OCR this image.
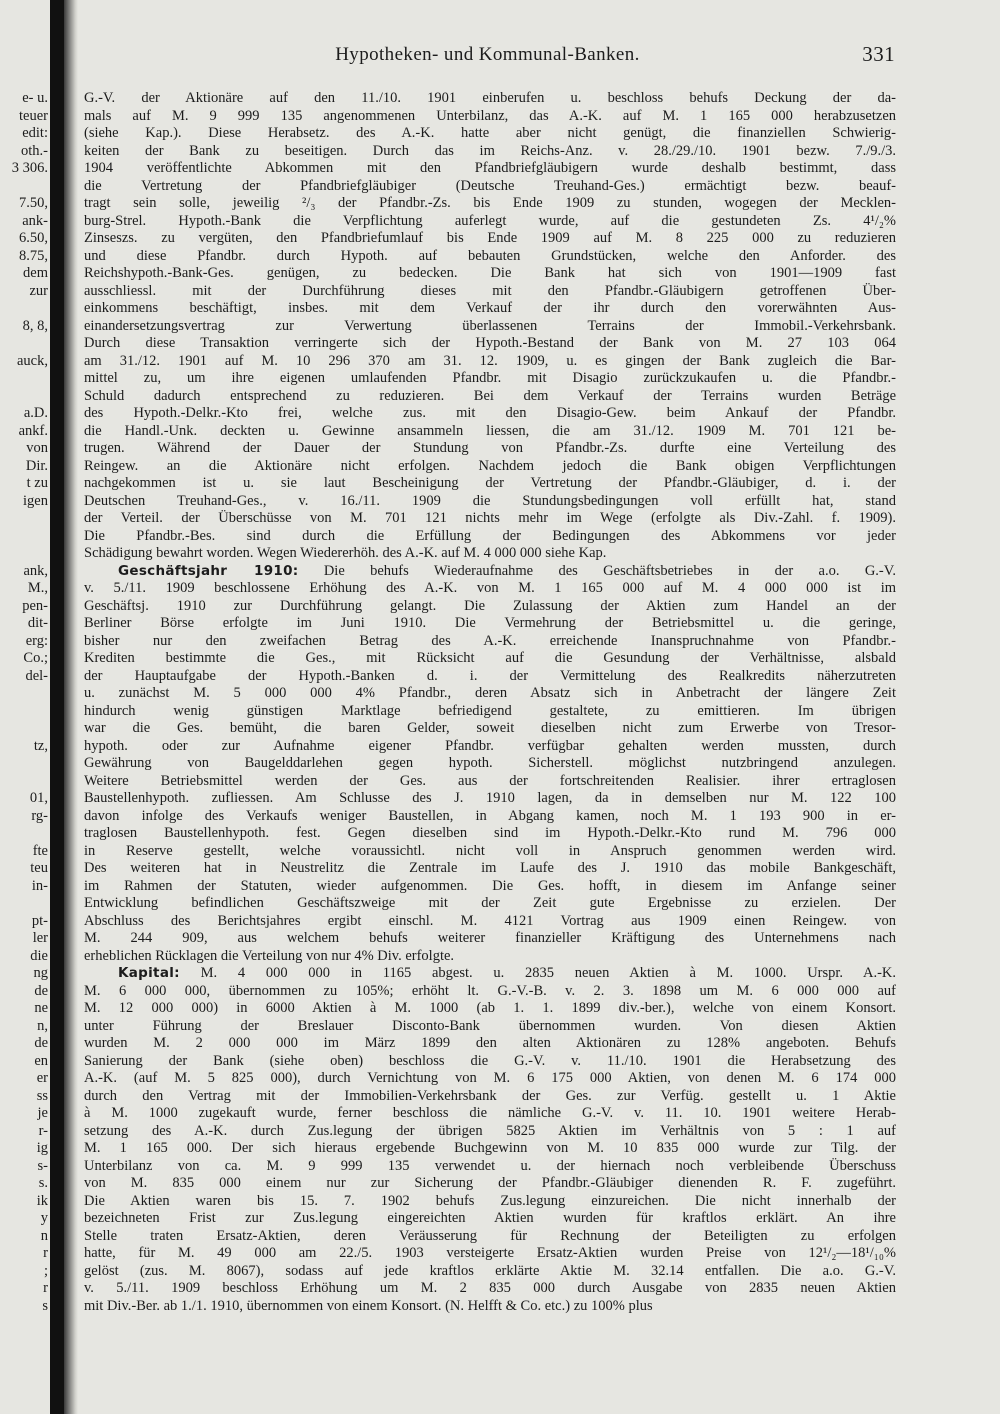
e- u.
teuer
edit:
oth.-
3 306.
7.50,
ank-
6.50,
8.75,
dem
zur
8, 8,
auck,
a.D.
ankf.
von
Dir.
t zu
igen
ank,
M.,
pen-
dit-
erg:
Co.;
del-
tz,
01,
rg-
fte
teu
in-
pt-
ler
die
ng
de
ne
n,
de
en
er
ss
je
r-
ig
s-
s.
ik
y
n
r
;
r
s
Hypotheken- und Kommunal-Banken.	331
G.-V. der Aktionäre auf den 11./10. 1901 einberufen u. beschloss behufs Deckung der da-
mals auf M. 9 999 135 angenommenen Unterbilanz, das A.-K. auf M. 1 165 000 herabzusetzen
(siehe Kap.). Diese Herabsetz. des A.-K. hatte aber nicht genügt, die finanziellen Schwierig-
keiten der Bank zu beseitigen. Durch das im Reichs-Anz. v. 28./29./10. 1901 bezw. 7./9./3.
1904 veröffentlichte Abkommen mit den Pfandbriefgläubigern wurde deshalb bestimmt, dass
die Vertretung der Pfandbriefgläubiger (Deutsche Treuhand-Ges.) ermächtigt bezw. beauf-
tragt sein solle, jeweilig ²/₃ der Pfandbr.-Zs. bis Ende 1909 zu stunden, wogegen der Mecklen-
burg-Strel. Hypoth.-Bank die Verpflichtung auferlegt wurde, auf die gestundeten Zs. 4¹/₂%
Zinseszs. zu vergüten, den Pfandbriefumlauf bis Ende 1909 auf M. 8 225 000 zu reduzieren
und diese Pfandbr. durch Hypoth. auf bebauten Grundstücken, welche den Anforder. des
Reichshypoth.-Bank-Ges. genügen, zu bedecken. Die Bank hat sich von 1901—1909 fast
ausschliessl. mit der Durchführung dieses mit den Pfandbr.-Gläubigern getroffenen Über-
einkommens beschäftigt, insbes. mit dem Verkauf der ihr durch den vorerwähnten Aus-
einandersetzungsvertrag zur Verwertung überlassenen Terrains der Immobil.-Verkehrsbank.
Durch diese Transaktion verringerte sich der Hypoth.-Bestand der Bank von M. 27 103 064
am 31./12. 1901 auf M. 10 296 370 am 31. 12. 1909, u. es gingen der Bank zugleich die Bar-
mittel zu, um ihre eigenen umlaufenden Pfandbr. mit Disagio zurückzukaufen u. die Pfandbr.-
Schuld dadurch entsprechend zu reduzieren. Bei dem Verkauf der Terrains wurden Beträge
des Hypoth.-Delkr.-Kto frei, welche zus. mit den Disagio-Gew. beim Ankauf der Pfandbr.
die Handl.-Unk. deckten u. Gewinne ansammeln liessen, die am 31./12. 1909 M. 701 121 be-
trugen. Während der Dauer der Stundung von Pfandbr.-Zs. durfte eine Verteilung des
Reingew. an die Aktionäre nicht erfolgen. Nachdem jedoch die Bank obigen Verpflichtungen
nachgekommen ist u. sie laut Bescheinigung der Vertretung der Pfandbr.-Gläubiger, d. i. der
Deutschen Treuhand-Ges., v. 16./11. 1909 die Stundungsbedingungen voll erfüllt hat, stand
der Verteil. der Überschüsse von M. 701 121 nichts mehr im Wege (erfolgte als Div.-Zahl. f. 1909).
Die Pfandbr.-Bes. sind durch die Erfüllung der Bedingungen des Abkommens vor jeder
Schädigung bewahrt worden. Wegen Wiedererhöh. des A.-K. auf M. 4 000 000 siehe Kap.
Geschäftsjahr 1910: Die behufs Wiederaufnahme des Geschäftsbetriebes in der a.o. G.-V.
v. 5./11. 1909 beschlossene Erhöhung des A.-K. von M. 1 165 000 auf M. 4 000 000 ist im
Geschäftsj. 1910 zur Durchführung gelangt. Die Zulassung der Aktien zum Handel an der
Berliner Börse erfolgte im Juni 1910. Die Vermehrung der Betriebsmittel u. die geringe,
bisher nur den zweifachen Betrag des A.-K. erreichende Inanspruchnahme von Pfandbr.-
Krediten bestimmte die Ges., mit Rücksicht auf die Gesundung der Verhältnisse, alsbald
der Hauptaufgabe der Hypoth.-Banken d. i. der Vermittelung des Realkredits näherzutreten
u. zunächst M. 5 000 000 4% Pfandbr., deren Absatz sich in Anbetracht der längere Zeit
hindurch wenig günstigen Marktlage befriedigend gestaltete, zu emittieren. Im übrigen
war die Ges. bemüht, die baren Gelder, soweit dieselben nicht zum Erwerbe von Tresor-
hypoth. oder zur Aufnahme eigener Pfandbr. verfügbar gehalten werden mussten, durch
Gewährung von Baugelddarlehen gegen hypoth. Sicherstell. möglichst nutzbringend anzulegen.
Weitere Betriebsmittel werden der Ges. aus der fortschreitenden Realisier. ihrer ertraglosen
Baustellenhypoth. zufliessen. Am Schlusse des J. 1910 lagen, da in demselben nur M. 122 100
davon infolge des Verkaufs weniger Baustellen, in Abgang kamen, noch M. 1 193 900 in er-
traglosen Baustellenhypoth. fest. Gegen dieselben sind im Hypoth.-Delkr.-Kto rund M. 796 000
in Reserve gestellt, welche voraussichtl. nicht voll in Anspruch genommen werden wird.
Des weiteren hat in Neustrelitz die Zentrale im Laufe des J. 1910 das mobile Bankgeschäft,
im Rahmen der Statuten, wieder aufgenommen. Die Ges. hofft, in diesem im Anfange seiner
Entwicklung befindlichen Geschäftszweige mit der Zeit gute Ergebnisse zu erzielen. Der
Abschluss des Berichtsjahres ergibt einschl. M. 4121 Vortrag aus 1909 einen Reingew. von
M. 244 909, aus welchem behufs weiterer finanzieller Kräftigung des Unternehmens nach
erheblichen Rücklagen die Verteilung von nur 4% Div. erfolgte.
Kapital: M. 4 000 000 in 1165 abgest. u. 2835 neuen Aktien à M. 1000. Urspr. A.-K.
M. 6 000 000, übernommen zu 105%; erhöht lt. G.-V.-B. v. 2. 3. 1898 um M. 6 000 000 auf
M. 12 000 000) in 6000 Aktien à M. 1000 (ab 1. 1. 1899 div.-ber.), welche von einem Konsort.
unter Führung der Breslauer Disconto-Bank übernommen wurden. Von diesen Aktien
wurden M. 2 000 000 im März 1899 den alten Aktionären zu 128% angeboten. Behufs
Sanierung der Bank (siehe oben) beschloss die G.-V. v. 11./10. 1901 die Herabsetzung des
A.-K. (auf M. 5 825 000), durch Vernichtung von M. 6 175 000 Aktien, von denen M. 6 174 000
durch den Vertrag mit der Immobilien-Verkehrsbank der Ges. zur Verfüg. gestellt u. 1 Aktie
à M. 1000 zugekauft wurde, ferner beschloss die nämliche G.-V. v. 11. 10. 1901 weitere Herab-
setzung des A.-K. durch Zus.legung der übrigen 5825 Aktien im Verhältnis von 5 : 1 auf
M. 1 165 000. Der sich hieraus ergebende Buchgewinn von M. 10 835 000 wurde zur Tilg. der
Unterbilanz von ca. M. 9 999 135 verwendet u. der hiernach noch verbleibende Überschuss
von M. 835 000 einem nur zur Sicherung der Pfandbr.-Gläubiger dienenden R. F. zugeführt.
Die Aktien waren bis 15. 7. 1902 behufs Zus.legung einzureichen. Die nicht innerhalb der
bezeichneten Frist zur Zus.legung eingereichten Aktien wurden für kraftlos erklärt. An ihre
Stelle traten Ersatz-Aktien, deren Veräusserung für Rechnung der Beteiligten zu erfolgen
hatte, für M. 49 000 am 22./5. 1903 versteigerte Ersatz-Aktien wurden Preise von 12¹/₂—18¹/₁₀%
gelöst (zus. M. 8067), sodass auf jede kraftlos erklärte Aktie M. 32.14 entfallen. Die a.o. G.-V.
v. 5./11. 1909 beschloss Erhöhung um M. 2 835 000 durch Ausgabe von 2835 neuen Aktien
mit Div.-Ber. ab 1./1. 1910, übernommen von einem Konsort. (N. Helfft & Co. etc.) zu 100% plus
